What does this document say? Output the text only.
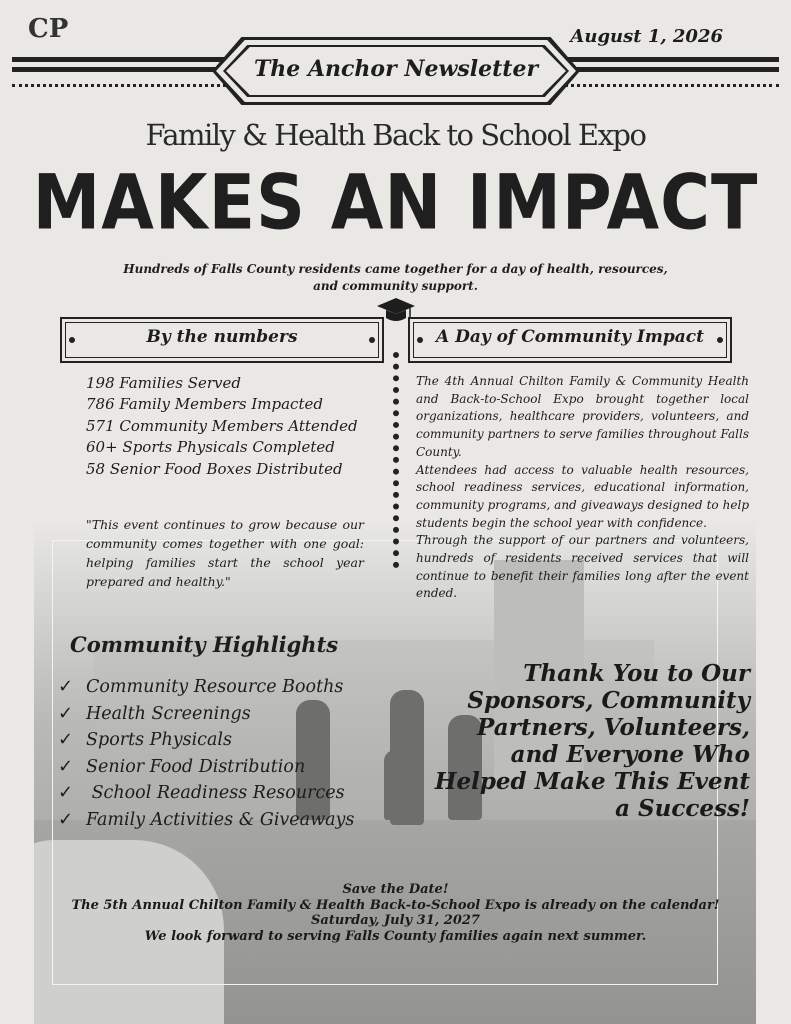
CP	August 1, 2026
The Anchor Newsletter
Family & Health Back to School Expo
MAKES AN IMPACT
Hundreds of Falls County residents came together for a day of health, resources, and community support.
By the numbers	A Day of Community Impact
198 Families Served
786 Family Members Impacted
571 Community Members Attended
60+ Sports Physicals Completed
58 Senior Food Boxes Distributed
"This event continues to grow because our community comes together with one goal: helping families start the school year prepared and healthy."

The 4th Annual Chilton Family & Community Health and Back-to-School Expo brought together local organizations, healthcare providers, volunteers, and community partners to serve families throughout Falls County.

Attendees had access to valuable health resources, school readiness services, educational information, community programs, and giveaways designed to help students begin the school year with confidence.

Through the support of our partners and volunteers, hundreds of residents received services that will continue to benefit their families long after the event ended.

Community Highlights
✓ Community Resource Booths
✓ Health Screenings
✓ Sports Physicals
✓ Senior Food Distribution
✓ School Readiness Resources
✓ Family Activities & Giveaways
Thank You to Our Sponsors, Community Partners, Volunteers, and Everyone Who Helped Make This Event a Success!
Save the Date!
The 5th Annual Chilton Family & Health Back-to-School Expo is already on the calendar!
Saturday, July 31, 2027
We look forward to serving Falls County families again next summer.
